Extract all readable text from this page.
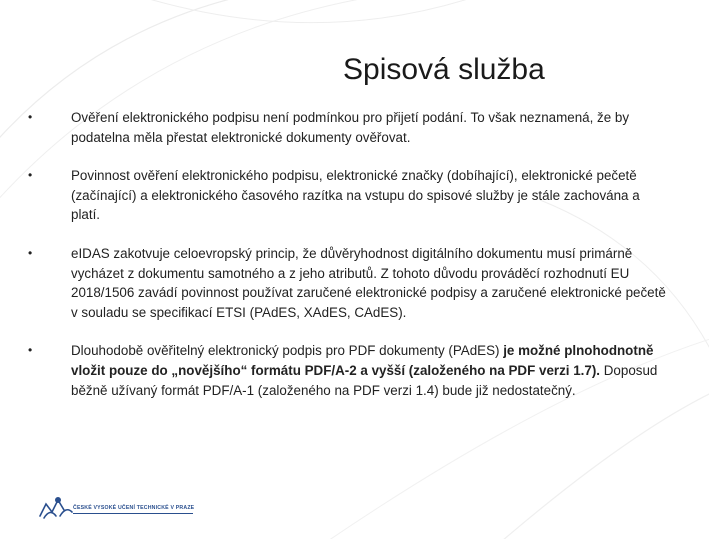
Spisová služba
•	Ověření elektronického podpisu není podmínkou pro přijetí podání. To však neznamená, že by podatelna měla přestat elektronické dokumenty ověřovat.
•	Povinnost ověření elektronického podpisu, elektronické značky (dobíhající), elektronické pečetě (začínající) a elektronického časového razítka na vstupu do spisové služby je stále zachována a platí.
•	eIDAS zakotvuje celoevropský princip, že důvěryhodnost digitálního dokumentu musí primárně vycházet z dokumentu samotného a z jeho atributů. Z tohoto důvodu prováděcí rozhodnutí EU 2018/1506 zavádí povinnost používat zaručené elektronické podpisy a zaručené elektronické pečetě v souladu se specifikací ETSI (PAdES, XAdES, CAdES).
•	Dlouhodobě ověřitelný elektronický podpis pro PDF dokumenty (PAdES) je možné plnohodnotně vložit pouze do „novějšího“ formátu PDF/A-2 a vyšší (založeného na PDF verzi 1.7). Doposud běžně užívaný formát PDF/A-1 (založeného na PDF verzi 1.4) bude již nedostatečný.
ČESKÉ VYSOKÉ UČENÍ TECHNICKÉ V PRAZE
